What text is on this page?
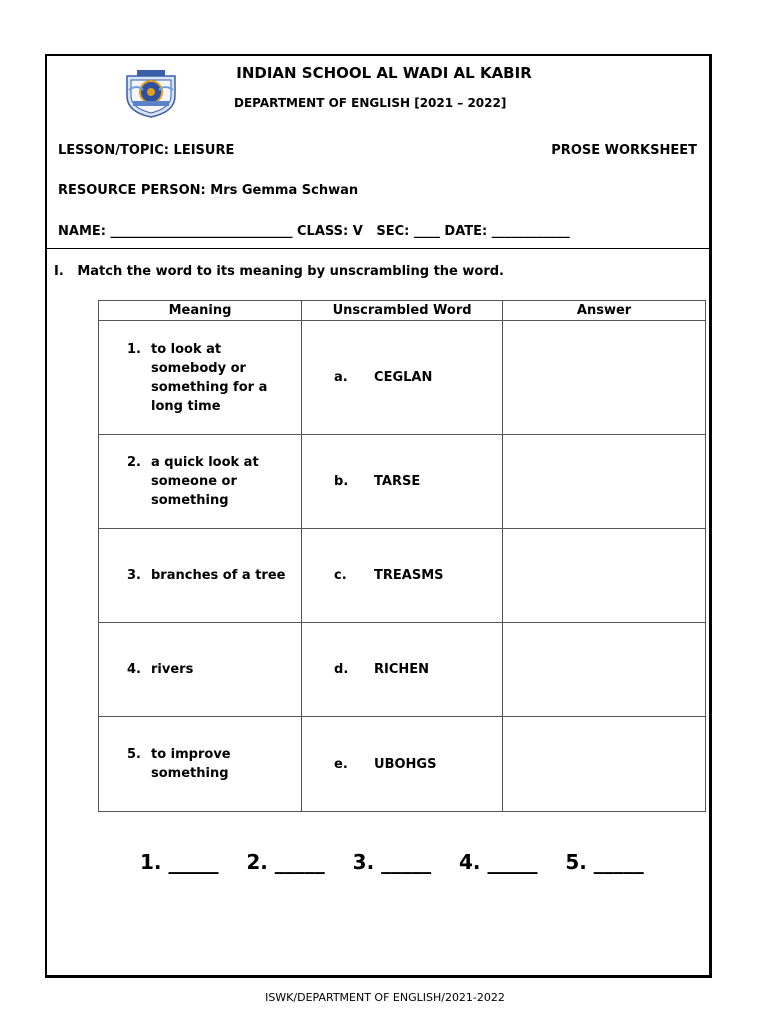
INDIAN SCHOOL AL WADI AL KABIR
DEPARTMENT OF ENGLISH [2021 – 2022]
LESSON/TOPIC: LEISURE	PROSE WORKSHEET
RESOURCE PERSON: Mrs Gemma Schwan
NAME: ____________________________ CLASS: V   SEC: ____ DATE: ____________
I.   Match the word to its meaning by unscrambling the word.
Meaning	Unscrambled Word	Answer

1. to look at somebody or something for a long time	a. CEGLAN	

2. a quick look at someone or something	b. TARSE	

3. branches of a tree	c. TREASMS	

4. rivers	d. RICHEN	

5. to improve something	e. UBOHGS	

1. _____    2. _____    3. _____    4. _____    5. _____
ISWK/DEPARTMENT OF ENGLISH/2021-2022
